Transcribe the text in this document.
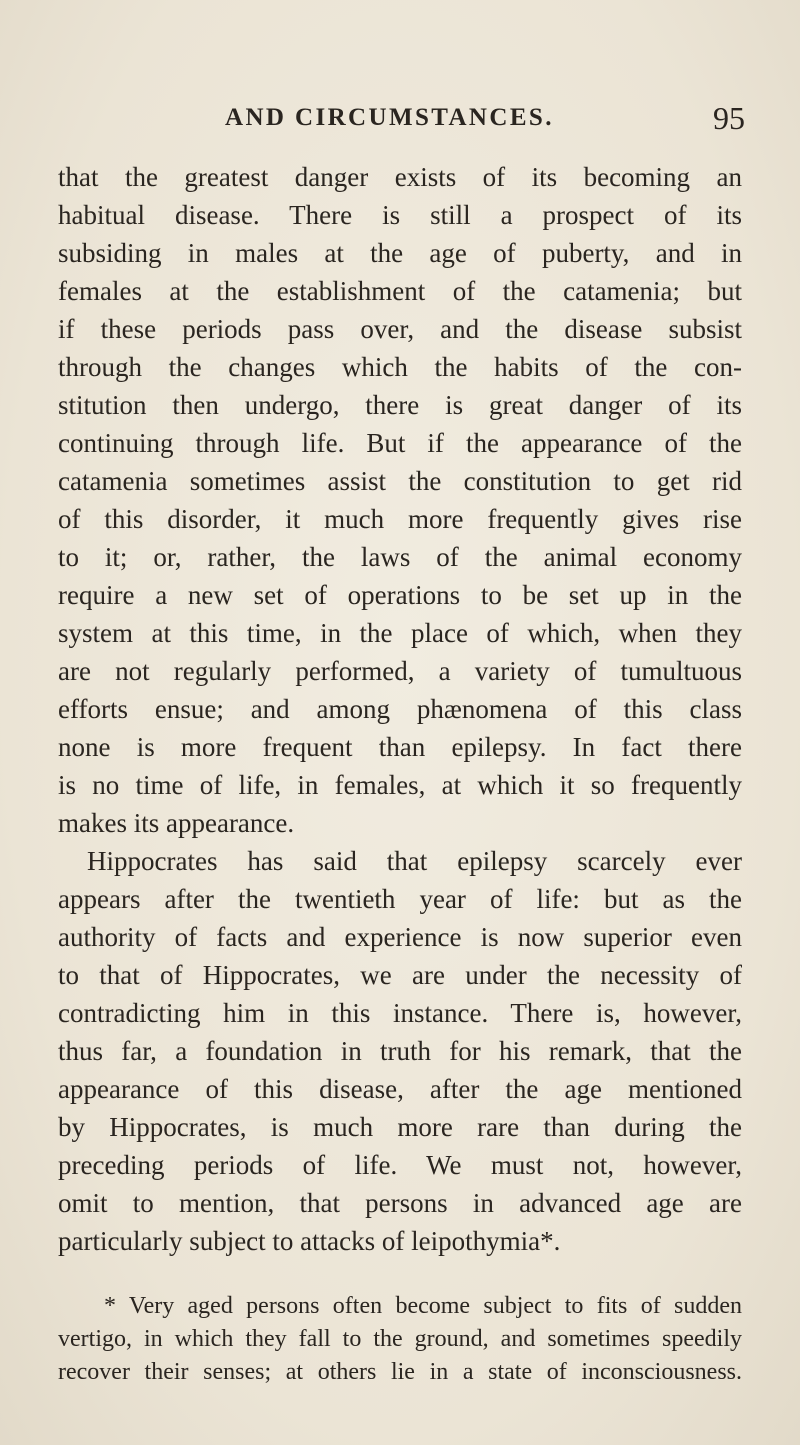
AND CIRCUMSTANCES.	95
that the greatest danger exists of its becoming an
habitual disease. There is still a prospect of its
subsiding in males at the age of puberty, and in
females at the establishment of the catamenia; but
if these periods pass over, and the disease subsist
through the changes which the habits of the con-
stitution then undergo, there is great danger of its
continuing through life. But if the appearance of the
catamenia sometimes assist the constitution to get rid
of this disorder, it much more frequently gives rise
to it; or, rather, the laws of the animal economy
require a new set of operations to be set up in the
system at this time, in the place of which, when they
are not regularly performed, a variety of tumultuous
efforts ensue; and among phænomena of this class
none is more frequent than epilepsy. In fact there
is no time of life, in females, at which it so frequently
makes its appearance.
Hippocrates has said that epilepsy scarcely ever
appears after the twentieth year of life: but as the
authority of facts and experience is now superior even
to that of Hippocrates, we are under the necessity of
contradicting him in this instance. There is, however,
thus far, a foundation in truth for his remark, that the
appearance of this disease, after the age mentioned
by Hippocrates, is much more rare than during the
preceding periods of life. We must not, however,
omit to mention, that persons in advanced age are
particularly subject to attacks of leipothymia*.
* Very aged persons often become subject to fits of sudden
vertigo, in which they fall to the ground, and sometimes speedily
recover their senses; at others lie in a state of inconsciousness.
